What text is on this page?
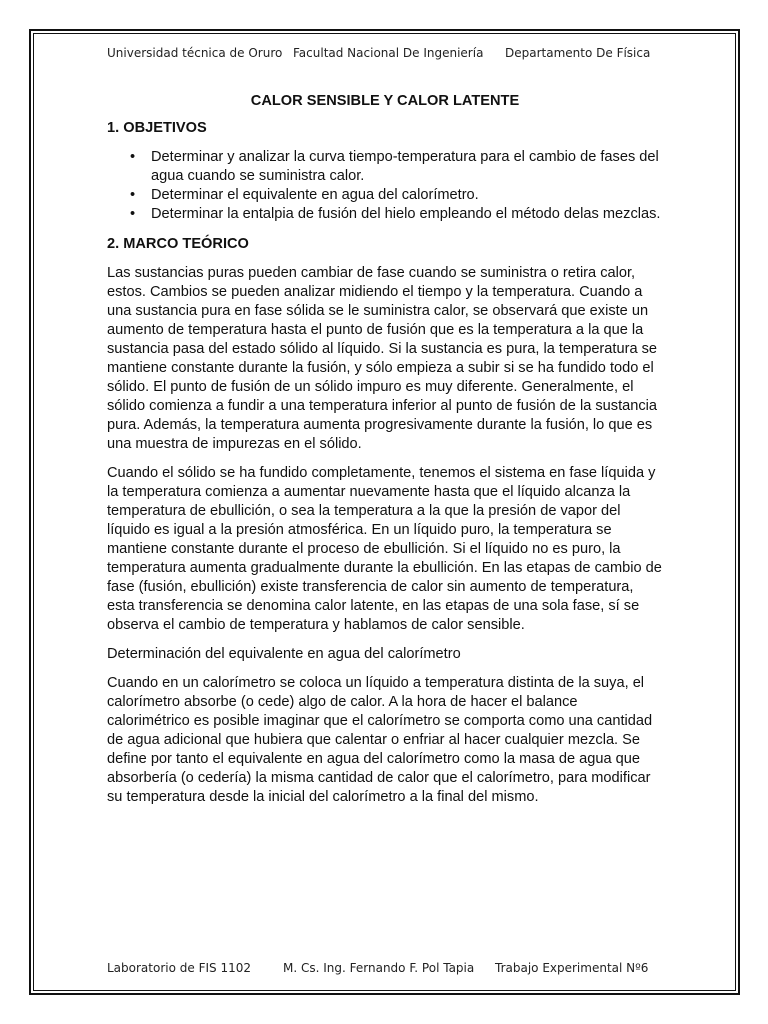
Universidad técnica de Oruro Facultad Nacional De Ingeniería Departamento De Física
CALOR SENSIBLE Y CALOR LATENTE
1. OBJETIVOS
• Determinar y analizar la curva tiempo-temperatura para el cambio de fases del agua cuando se suministra calor.
• Determinar el equivalente en agua del calorímetro.
• Determinar la entalpia de fusión del hielo empleando el método delas mezclas.
2. MARCO TEÓRICO

Las sustancias puras pueden cambiar de fase cuando se suministra o retira calor, estos. Cambios se pueden analizar midiendo el tiempo y la temperatura. Cuando a una sustancia pura en fase sólida se le suministra calor, se observará que existe un aumento de temperatura hasta el punto de fusión que es la temperatura a la que la sustancia pasa del estado sólido al líquido. Si la sustancia es pura, la temperatura se mantiene constante durante la fusión, y sólo empieza a subir si se ha fundido todo el sólido. El punto de fusión de un sólido impuro es muy diferente. Generalmente, el sólido comienza a fundir a una temperatura inferior al punto de fusión de la sustancia pura. Además, la temperatura aumenta progresivamente durante la fusión, lo que es una muestra de impurezas en el sólido.

Cuando el sólido se ha fundido completamente, tenemos el sistema en fase líquida y la temperatura comienza a aumentar nuevamente hasta que el líquido alcanza la temperatura de ebullición, o sea la temperatura a la que la presión de vapor del líquido es igual a la presión atmosférica. En un líquido puro, la temperatura se mantiene constante durante el proceso de ebullición. Si el líquido no es puro, la temperatura aumenta gradualmente durante la ebullición. En las etapas de cambio de fase (fusión, ebullición) existe transferencia de calor sin aumento de temperatura, esta transferencia se denomina calor latente, en las etapas de una sola fase, sí se observa el cambio de temperatura y hablamos de calor sensible.

Determinación del equivalente en agua del calorímetro

Cuando en un calorímetro se coloca un líquido a temperatura distinta de la suya, el calorímetro absorbe (o cede) algo de calor. A la hora de hacer el balance calorimétrico es posible imaginar que el calorímetro se comporta como una cantidad de agua adicional que hubiera que calentar o enfriar al hacer cualquier mezcla. Se define por tanto el equivalente en agua del calorímetro como la masa de agua que absorbería (o cedería) la misma cantidad de calor que el calorímetro, para modificar su temperatura desde la inicial del calorímetro a la final del mismo.

Laboratorio de FIS 1102	M. Cs. Ing. Fernando F. Pol Tapia Trabajo Experimental Nº6
